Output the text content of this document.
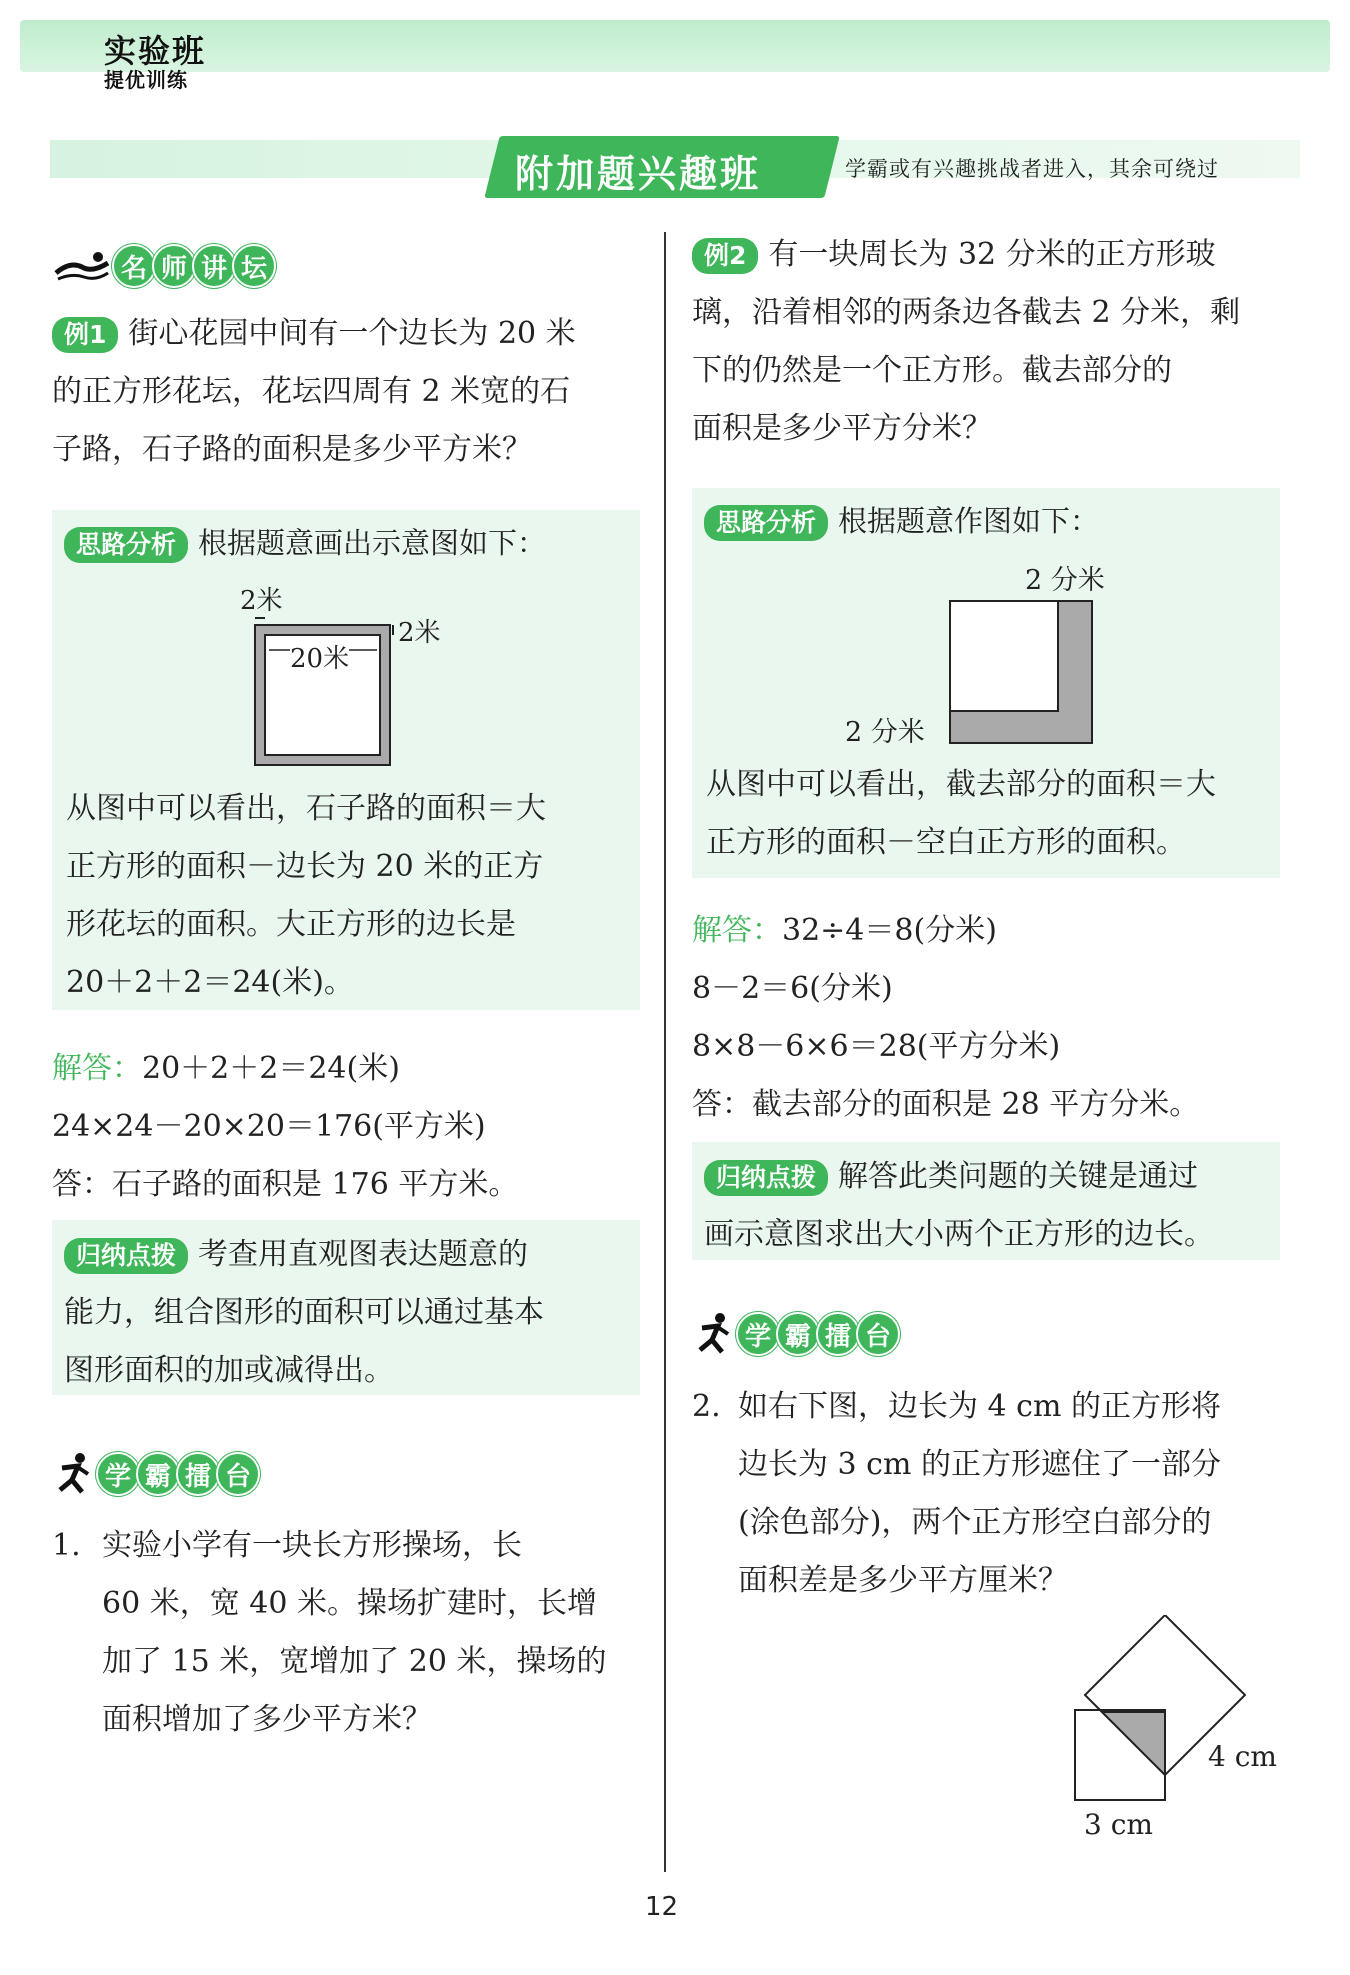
实验班
提优训练
附加题兴趣班	学霸或有兴趣挑战者进入，其余可绕过
名 师 讲 坛
例1 街心花园中间有一个边长为 20 米
的正方形花坛，花坛四周有 2 米宽的石
子路，石子路的面积是多少平方米？
思路分析 根据题意画出示意图如下：
2米
2米
20米
从图中可以看出，石子路的面积＝大
正方形的面积－边长为 20 米的正方
形花坛的面积。大正方形的边长是
20＋2＋2＝24(米)。
解答：20＋2＋2＝24(米)
24×24－20×20＝176(平方米)
答：石子路的面积是 176 平方米。
归纳点拨 考查用直观图表达题意的
能力，组合图形的面积可以通过基本
图形面积的加或减得出。
学 霸 擂 台
1. 实验小学有一块长方形操场，长
60 米，宽 40 米。操场扩建时，长增
加了 15 米，宽增加了 20 米，操场的
面积增加了多少平方米？
例2 有一块周长为 32 分米的正方形玻
璃，沿着相邻的两条边各截去 2 分米，剩
下的仍然是一个正方形。截去部分的
面积是多少平方分米？
思路分析 根据题意作图如下：
2 分米
2 分米
从图中可以看出，截去部分的面积＝大
正方形的面积－空白正方形的面积。
解答：32÷4＝8(分米)
8－2＝6(分米)
8×8－6×6＝28(平方分米)
答：截去部分的面积是 28 平方分米。
归纳点拨 解答此类问题的关键是通过
画示意图求出大小两个正方形的边长。
学 霸 擂 台
2. 如右下图，边长为 4 cm 的正方形将
边长为 3 cm 的正方形遮住了一部分
(涂色部分)，两个正方形空白部分的
面积差是多少平方厘米？
4 cm
3 cm
12
